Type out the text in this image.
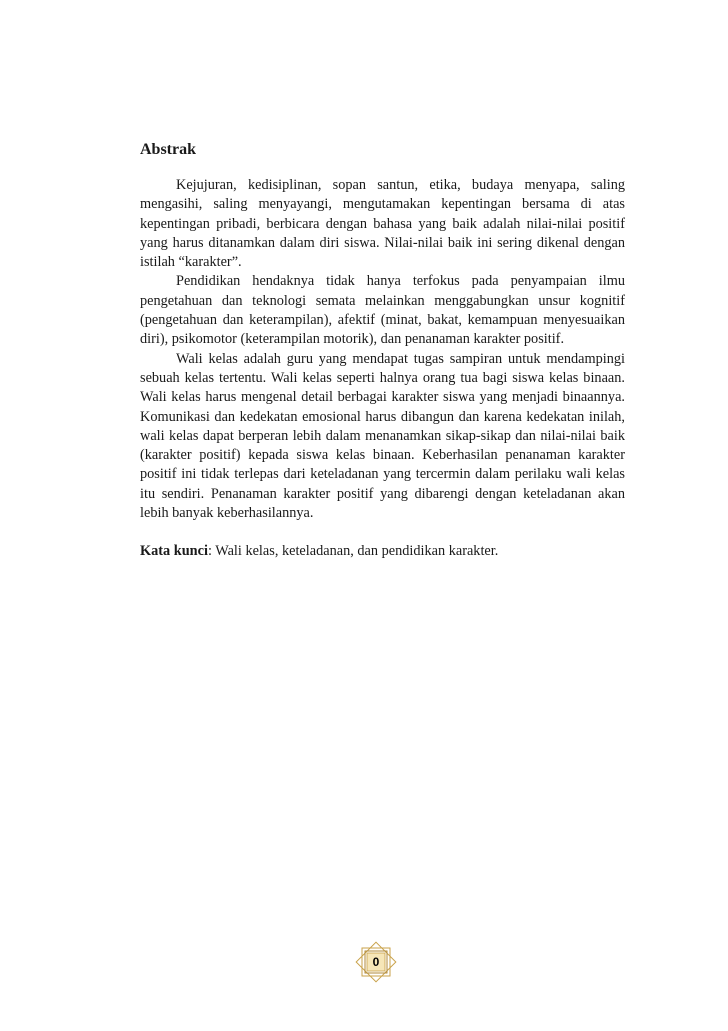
Abstrak

Kejujuran, kedisiplinan, sopan santun, etika, budaya menyapa, saling mengasihi, saling menyayangi, mengutamakan kepentingan bersama di atas kepentingan pribadi, berbicara dengan bahasa yang baik adalah nilai-nilai positif yang harus ditanamkan dalam diri siswa. Nilai-nilai baik ini sering dikenal dengan istilah “karakter”.

Pendidikan hendaknya tidak hanya terfokus pada penyampaian ilmu pengetahuan dan teknologi semata melainkan menggabungkan unsur kognitif (pengetahuan dan keterampilan), afektif (minat, bakat, kemampuan menyesuaikan diri), psikomotor (keterampilan motorik), dan penanaman karakter positif.

Wali kelas adalah guru yang mendapat tugas sampiran untuk mendampingi sebuah kelas tertentu. Wali kelas seperti halnya orang tua bagi siswa kelas binaan. Wali kelas harus mengenal detail berbagai karakter siswa yang menjadi binaannya. Komunikasi dan kedekatan emosional harus dibangun dan karena kedekatan inilah, wali kelas dapat berperan lebih dalam menanamkan sikap-sikap dan nilai-nilai baik (karakter positif) kepada siswa kelas binaan. Keberhasilan penanaman karakter positif ini tidak terlepas dari keteladanan yang tercermin dalam perilaku wali kelas itu sendiri. Penanaman karakter positif yang dibarengi dengan keteladanan akan lebih banyak keberhasilannya.

Kata kunci: Wali kelas, keteladanan, dan pendidikan karakter.
0
